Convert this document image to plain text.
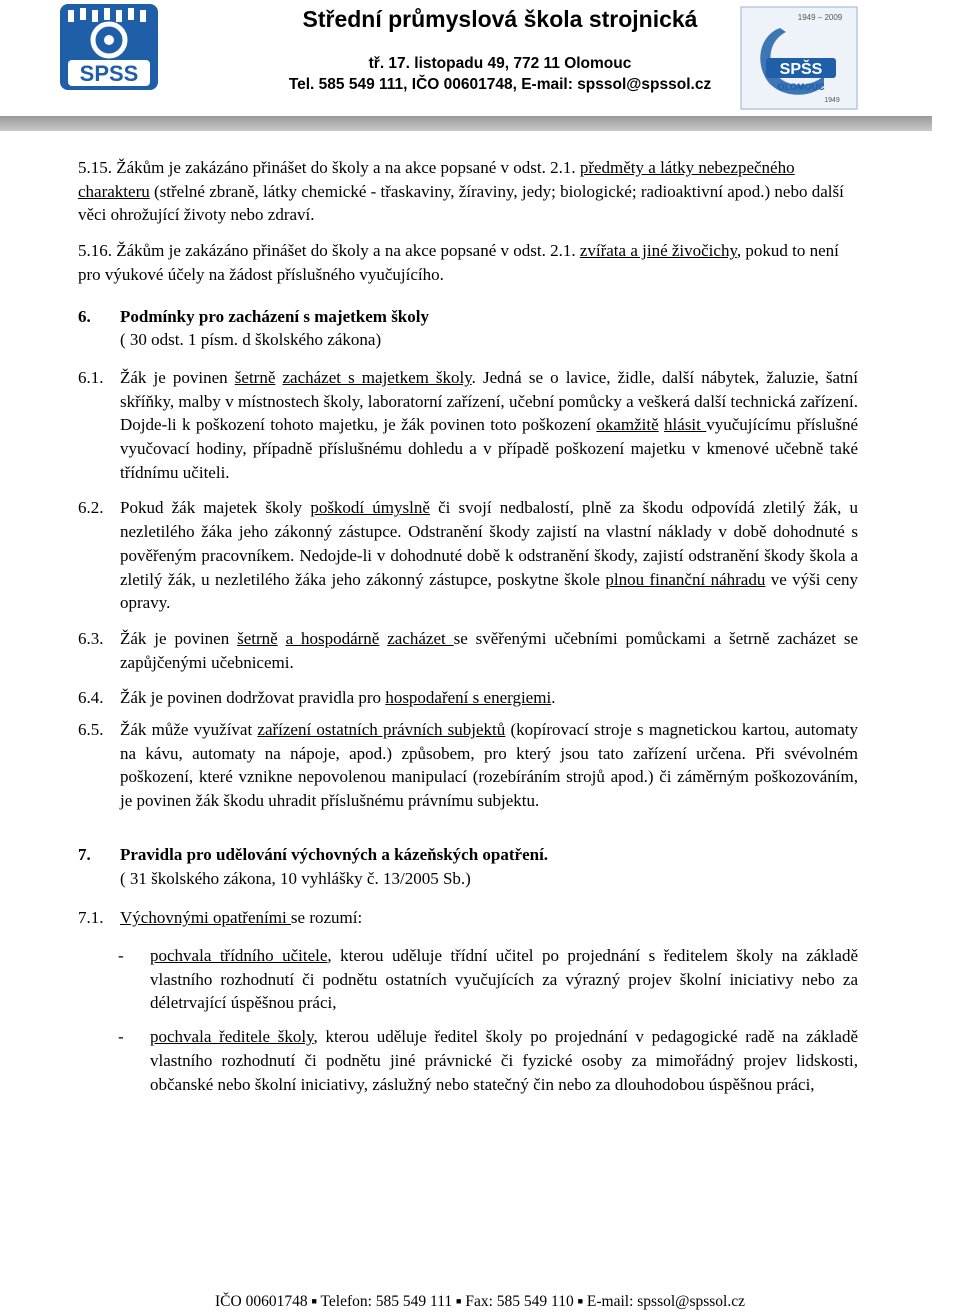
SPSS
Střední průmyslová škola strojnická
tř. 17. listopadu 49, 772 11 Olomouc
Tel. 585 549 111, IČO 00601748, E-mail: spssol@spssol.cz
1949 – 2009
SPŠS
OLOMOUC
1949
5.15. Žákům je zakázáno přinášet do školy a na akce popsané v odst. 2.1. předměty a látky nebezpečného charakteru (střelné zbraně, látky chemické - třaskaviny, žíraviny, jedy; biologické; radioaktivní apod.) nebo další věci ohrožující životy nebo zdraví.
5.16. Žákům je zakázáno přinášet do školy a na akce popsané v odst. 2.1. zvířata a jiné živočichy, pokud to není pro výukové účely na žádost příslušného vyučujícího.
6. Podmínky pro zacházení s majetkem školy
( 30 odst. 1 písm. d školského zákona)
6.1. Žák je povinen šetrně zacházet s majetkem školy. Jedná se o lavice, židle, další nábytek, žaluzie, šatní skříňky, malby v místnostech školy, laboratorní zařízení, učební pomůcky a veškerá další technická zařízení. Dojde-li k poškození tohoto majetku, je žák povinen toto poškození okamžitě hlásit vyučujícímu příslušné vyučovací hodiny, případně příslušnému dohledu a v případě poškození majetku v kmenové učebně také třídnímu učiteli.
6.2. Pokud žák majetek školy poškodí úmyslně či svojí nedbalostí, plně za škodu odpovídá zletilý žák, u nezletilého žáka jeho zákonný zástupce. Odstranění škody zajistí na vlastní náklady v době dohodnuté s pověřeným pracovníkem. Nedojde-li v dohodnuté době k odstranění škody, zajistí odstranění škody škola a zletilý žák, u nezletilého žáka jeho zákonný zástupce, poskytne škole plnou finanční náhradu ve výši ceny opravy.
6.3. Žák je povinen šetrně a hospodárně zacházet se svěřenými učebními pomůckami a šetrně zacházet se zapůjčenými učebnicemi.
6.4. Žák je povinen dodržovat pravidla pro hospodaření s energiemi.
6.5. Žák může využívat zařízení ostatních právních subjektů (kopírovací stroje s magnetickou kartou, automaty na kávu, automaty na nápoje, apod.) způsobem, pro který jsou tato zařízení určena. Při svévolném poškození, které vznikne nepovolenou manipulací (rozebíráním strojů apod.) či záměrným poškozováním, je povinen žák škodu uhradit příslušnému právnímu subjektu.
7. Pravidla pro udělování výchovných a kázeňských opatření.
( 31 školského zákona, 10 vyhlášky č. 13/2005 Sb.)
7.1. Výchovnými opatřeními se rozumí:
- pochvala třídního učitele, kterou uděluje třídní učitel po projednání s ředitelem školy na základě vlastního rozhodnutí či podnětu ostatních vyučujících za výrazný projev školní iniciativy nebo za déletrvající úspěšnou práci,
- pochvala ředitele školy, kterou uděluje ředitel školy po projednání v pedagogické radě na základě vlastního rozhodnutí či podnětu jiné právnické či fyzické osoby za mimořádný projev lidskosti, občanské nebo školní iniciativy, záslužný nebo statečný čin nebo za dlouhodobou úspěšnou práci,
IČO 00601748 ■ Telefon: 585 549 111 ■ Fax: 585 549 110 ■ E-mail: spssol@spssol.cz
